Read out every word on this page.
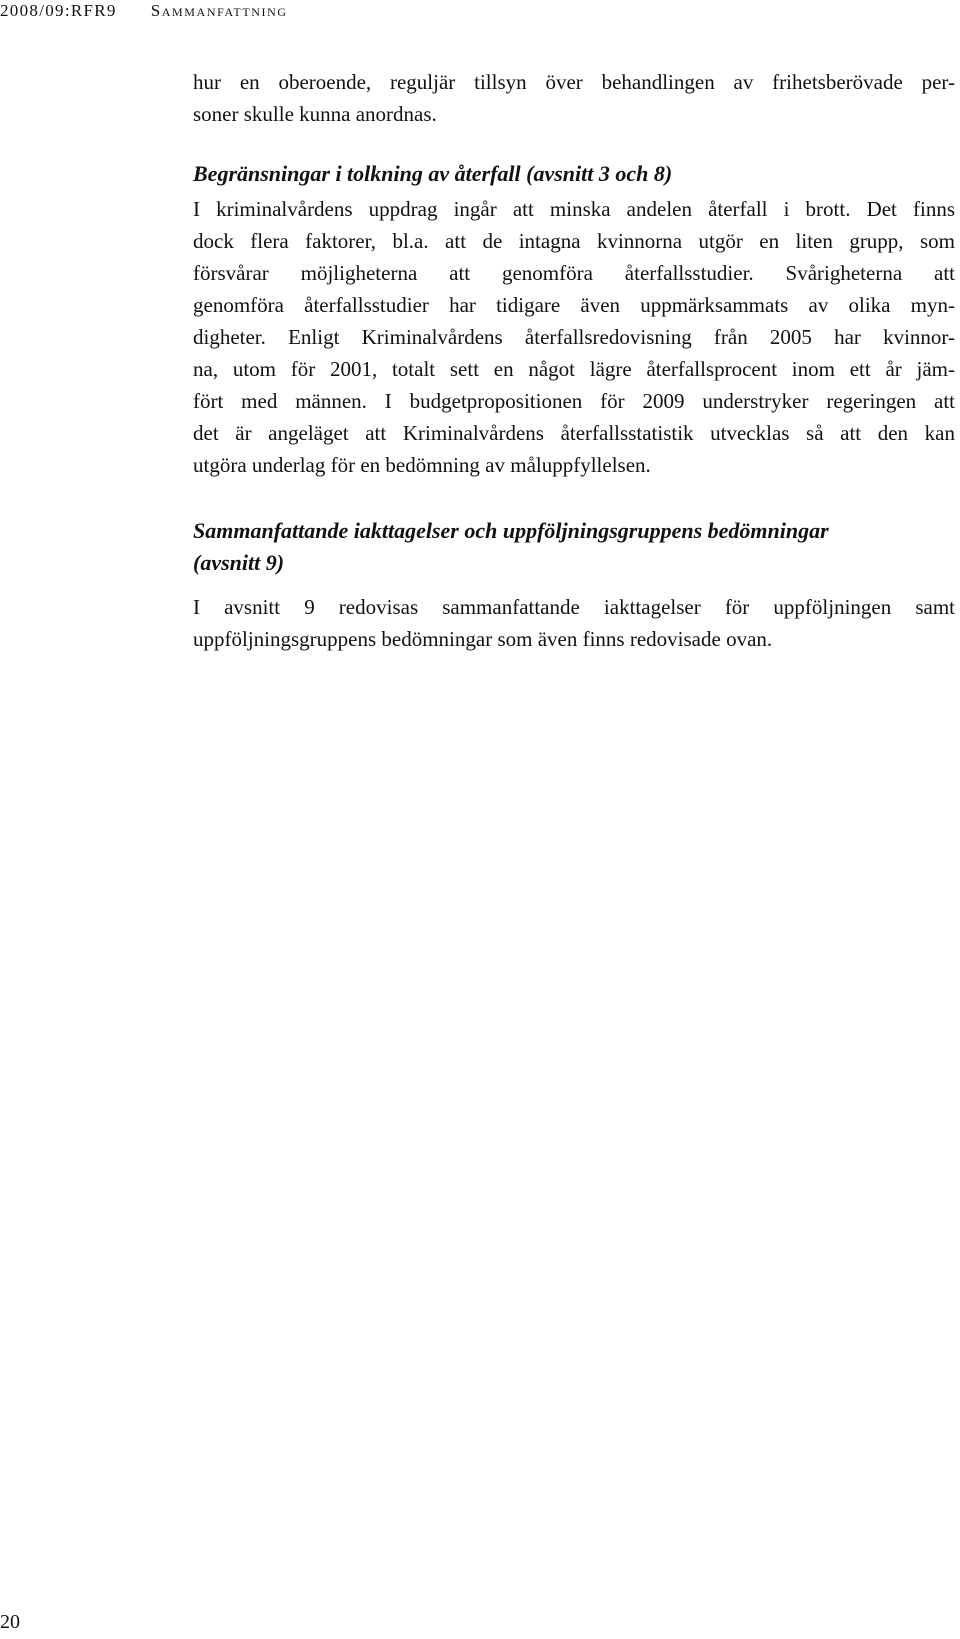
2008/09:RFR9 Sammanfattning

hur en oberoende, reguljär tillsyn över behandlingen av frihetsberövade per-
soner skulle kunna anordnas.

Begränsningar i tolkning av återfall (avsnitt 3 och 8)

I kriminalvårdens uppdrag ingår att minska andelen återfall i brott. Det finns
dock flera faktorer, bl.a. att de intagna kvinnorna utgör en liten grupp, som
försvårar möjligheterna att genomföra återfallsstudier. Svårigheterna att
genomföra återfallsstudier har tidigare även uppmärksammats av olika myn-
digheter. Enligt Kriminalvårdens återfallsredovisning från 2005 har kvinnor-
na, utom för 2001, totalt sett en något lägre återfallsprocent inom ett år jäm-
fört med männen. I budgetpropositionen för 2009 understryker regeringen att
det är angeläget att Kriminalvårdens återfallsstatistik utvecklas så att den kan
utgöra underlag för en bedömning av måluppfyllelsen.

Sammanfattande iakttagelser och uppföljningsgruppens bedömningar
(avsnitt 9)

I avsnitt 9 redovisas sammanfattande iakttagelser för uppföljningen samt
uppföljningsgruppens bedömningar som även finns redovisade ovan.

20
